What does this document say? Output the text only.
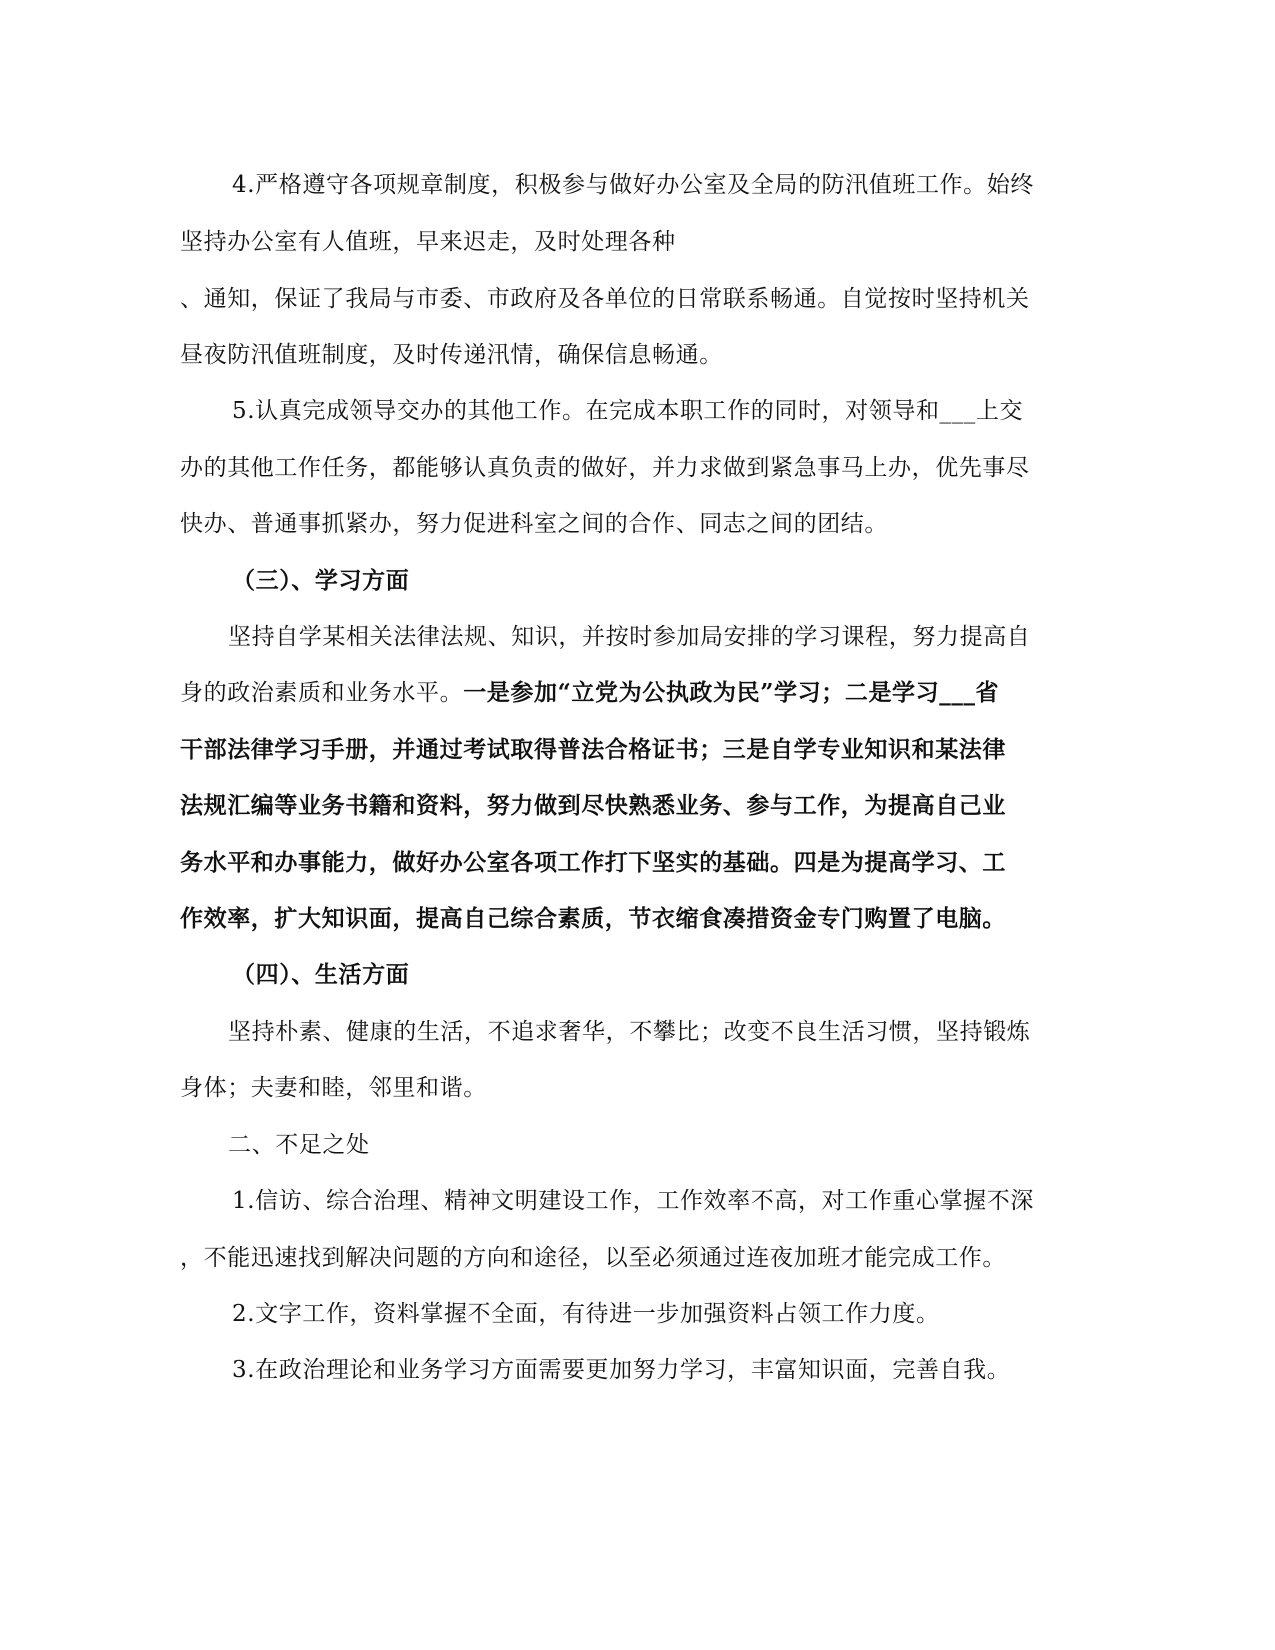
4.严格遵守各项规章制度，积极参与做好办公室及全局的防汛值班工作。始终
坚持办公室有人值班，早来迟走，及时处理各种
、通知，保证了我局与市委、市政府及各单位的日常联系畅通。自觉按时坚持机关
昼夜防汛值班制度，及时传递汛情，确保信息畅通。
5.认真完成领导交办的其他工作。在完成本职工作的同时，对领导和___上交
办的其他工作任务，都能够认真负责的做好，并力求做到紧急事马上办，优先事尽
快办、普通事抓紧办，努力促进科室之间的合作、同志之间的团结。
（三）、学习方面
坚持自学某相关法律法规、知识，并按时参加局安排的学习课程，努力提高自
身的政治素质和业务水平。一是参加“立党为公执政为民”学习；二是学习___省
干部法律学习手册，并通过考试取得普法合格证书；三是自学专业知识和某法律
法规汇编等业务书籍和资料，努力做到尽快熟悉业务、参与工作，为提高自己业
务水平和办事能力，做好办公室各项工作打下坚实的基础。四是为提高学习、工
作效率，扩大知识面，提高自己综合素质，节衣缩食凑措资金专门购置了电脑。
（四）、生活方面
坚持朴素、健康的生活，不追求奢华，不攀比；改变不良生活习惯，坚持锻炼
身体；夫妻和睦，邻里和谐。
二、不足之处
1.信访、综合治理、精神文明建设工作，工作效率不高，对工作重心掌握不深
，不能迅速找到解决问题的方向和途径，以至必须通过连夜加班才能完成工作。
2.文字工作，资料掌握不全面，有待进一步加强资料占领工作力度。
3.在政治理论和业务学习方面需要更加努力学习，丰富知识面，完善自我。
